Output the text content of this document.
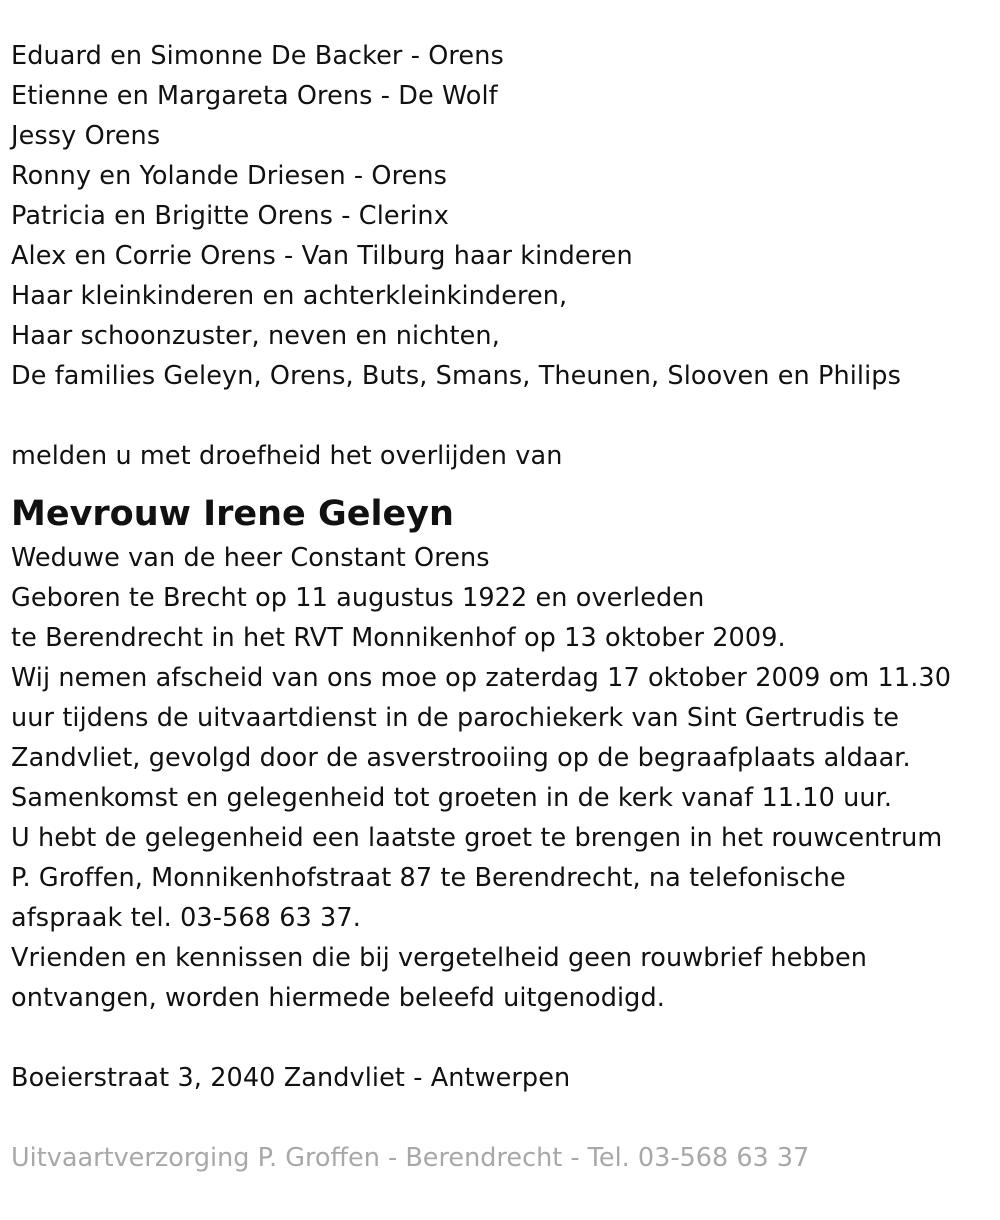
Eduard en Simonne De Backer - Orens
Etienne en Margareta Orens - De Wolf
Jessy Orens
Ronny en Yolande Driesen - Orens
Patricia en Brigitte Orens - Clerinx
Alex en Corrie Orens - Van Tilburg haar kinderen
Haar kleinkinderen en achterkleinkinderen,
Haar schoonzuster, neven en nichten,
De families Geleyn, Orens, Buts, Smans, Theunen, Slooven en Philips
melden u met droefheid het overlijden van
Mevrouw Irene Geleyn
Weduwe van de heer Constant Orens
Geboren te Brecht op 11 augustus 1922 en overleden
te Berendrecht in het RVT Monnikenhof op 13 oktober 2009.
Wij nemen afscheid van ons moe op zaterdag 17 oktober 2009 om 11.30
uur tijdens de uitvaartdienst in de parochiekerk van Sint Gertrudis te
Zandvliet, gevolgd door de asverstrooiing op de begraafplaats aldaar.
Samenkomst en gelegenheid tot groeten in de kerk vanaf 11.10 uur.
U hebt de gelegenheid een laatste groet te brengen in het rouwcentrum
P. Groffen, Monnikenhofstraat 87 te Berendrecht, na telefonische
afspraak tel. 03-568 63 37.
Vrienden en kennissen die bij vergetelheid geen rouwbrief hebben
ontvangen, worden hiermede beleefd uitgenodigd.
Boeierstraat 3, 2040 Zandvliet - Antwerpen
Uitvaartverzorging P. Groffen - Berendrecht - Tel. 03-568 63 37
